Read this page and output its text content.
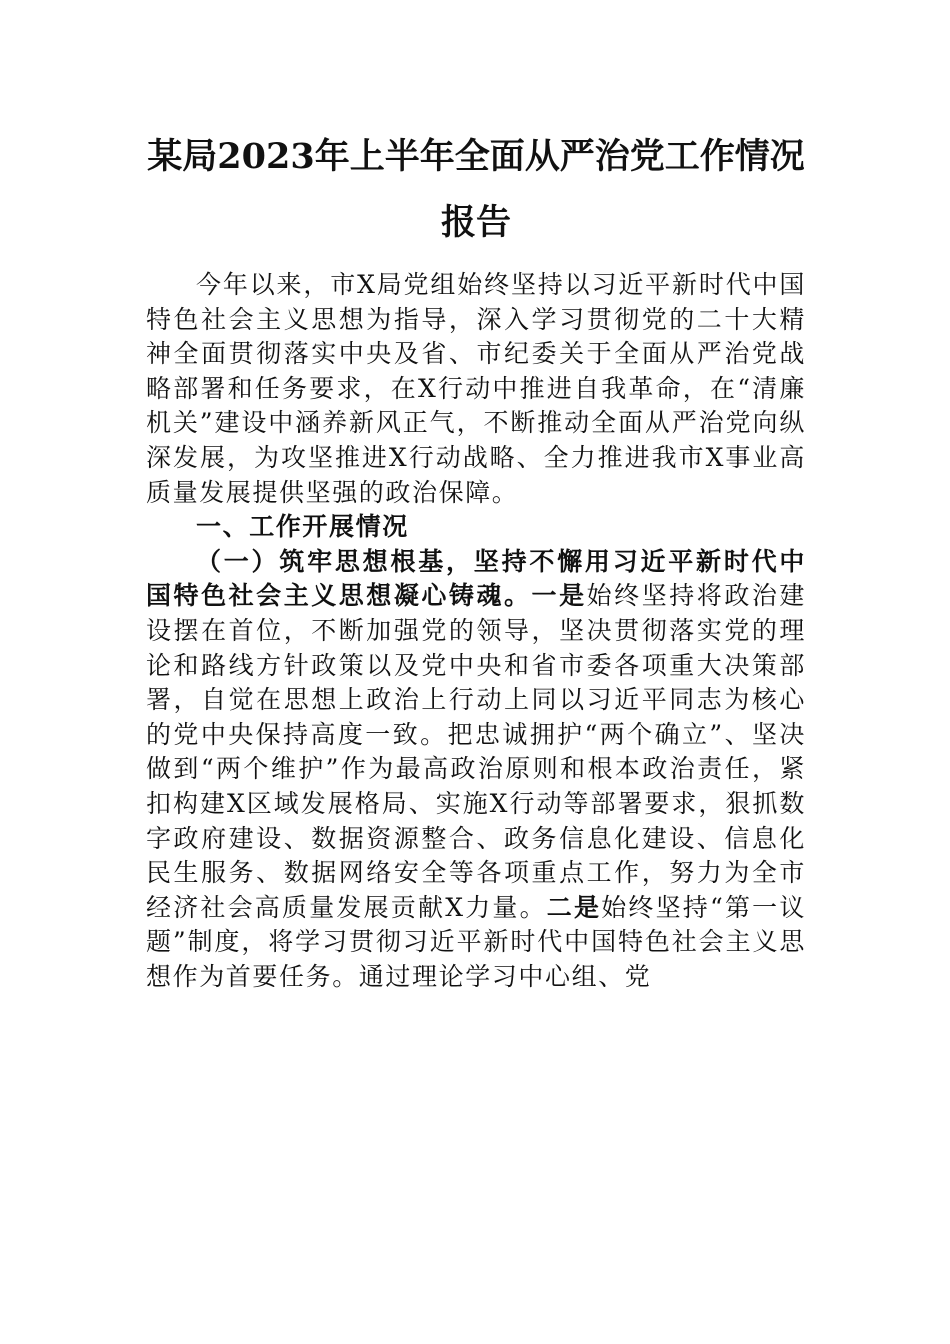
某局2023年上半年全面从严治党工作情况报告

今年以来，市X局党组始终坚持以习近平新时代中国特色社会主义思想为指导，深入学习贯彻党的二十大精神全面贯彻落实中央及省、市纪委关于全面从严治党战略部署和任务要求，在X行动中推进自我革命，在“清廉机关”建设中涵养新风正气，不断推动全面从严治党向纵深发展，为攻坚推进X行动战略、全力推进我市X事业高质量发展提供坚强的政治保障。

一、工作开展情况

（一）筑牢思想根基，坚持不懈用习近平新时代中国特色社会主义思想凝心铸魂。一是始终坚持将政治建设摆在首位，不断加强党的领导，坚决贯彻落实党的理论和路线方针政策以及党中央和省市委各项重大决策部署，自觉在思想上政治上行动上同以习近平同志为核心的党中央保持高度一致。把忠诚拥护“两个确立”、坚决做到“两个维护”作为最高政治原则和根本政治责任，紧扣构建X区域发展格局、实施X行动等部署要求，狠抓数字政府建设、数据资源整合、政务信息化建设、信息化民生服务、数据网络安全等各项重点工作，努力为全市经济社会高质量发展贡献X力量。二是始终坚持“第一议题”制度，将学习贯彻习近平新时代中国特色社会主义思想作为首要任务。通过理论学习中心组、党
